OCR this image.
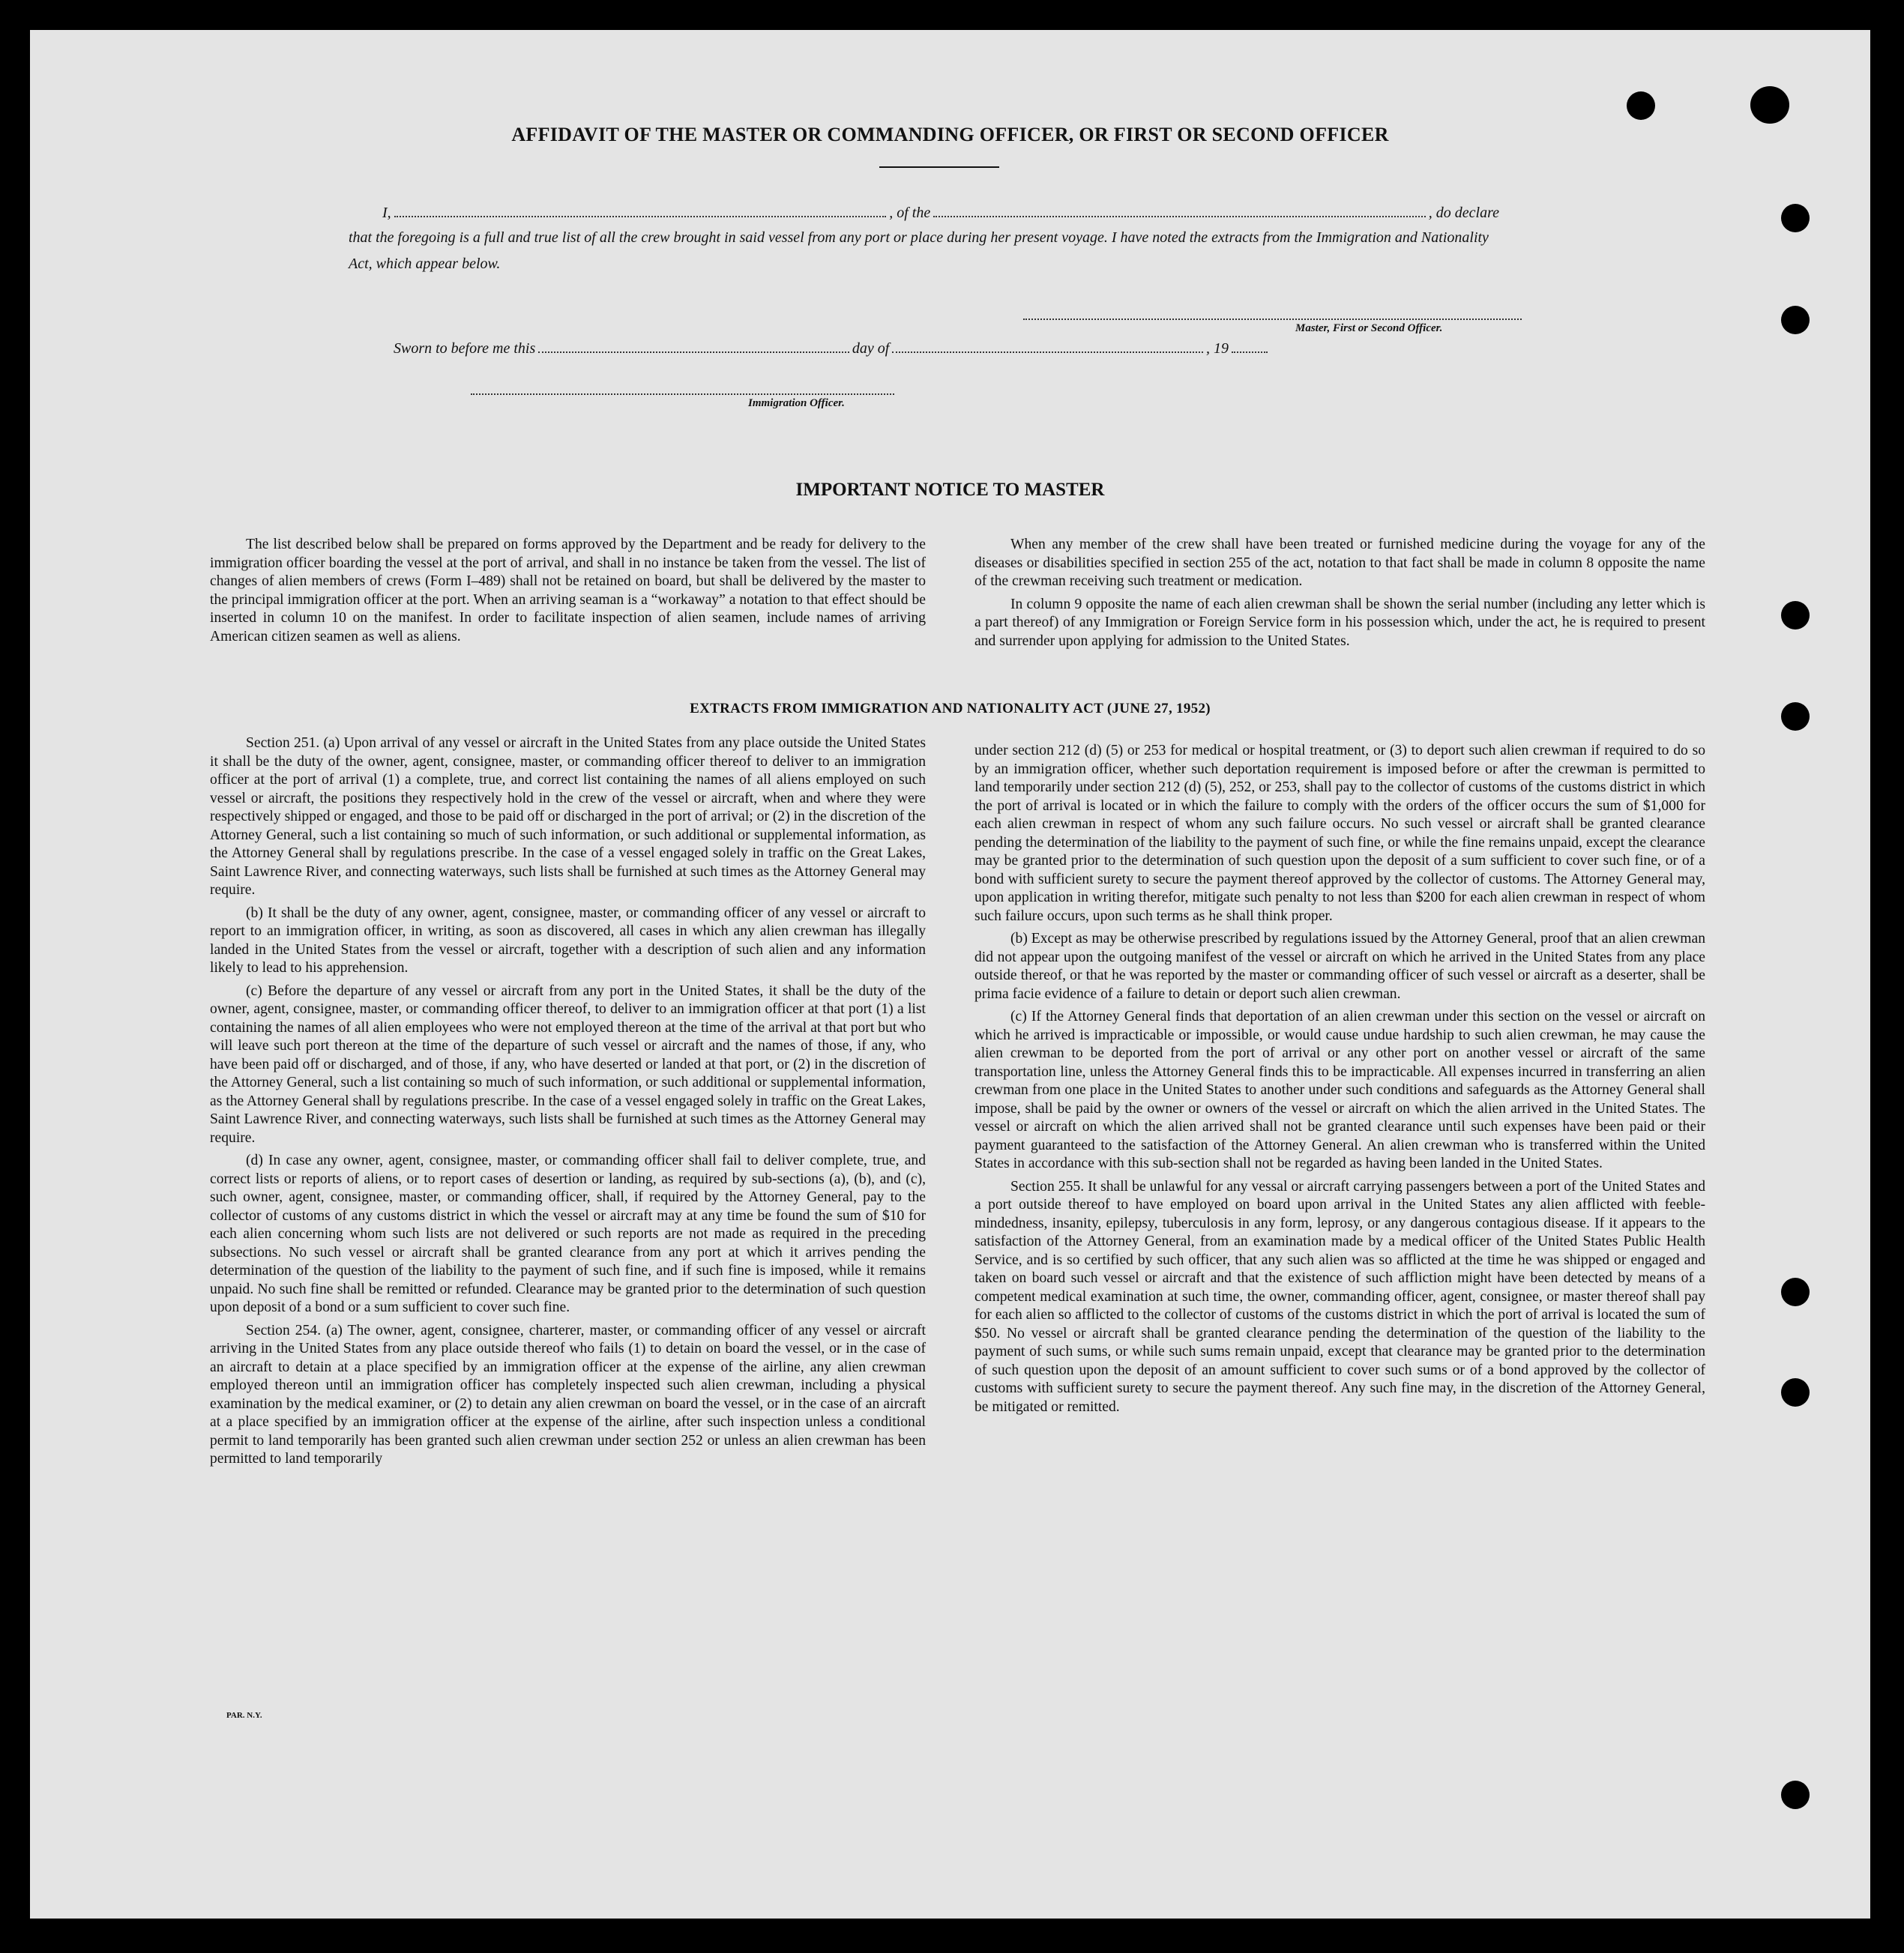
AFFIDAVIT OF THE MASTER OR COMMANDING OFFICER, OR FIRST OR SECOND OFFICER
I,	, of the	, do declare
that the foregoing is a full and true list of all the crew brought in said vessel from any port or place during her present voyage. I have noted the extracts from the Immigration and Nationality Act, which appear below.
Master, First or Second Officer.
Sworn to before me this	day of	, 19
Immigration Officer.
IMPORTANT NOTICE TO MASTER

The list described below shall be prepared on forms approved by the Department and be ready for delivery to the immigration officer boarding the vessel at the port of arrival, and shall in no instance be taken from the vessel. The list of changes of alien members of crews (Form I–489) shall not be retained on board, but shall be delivered by the master to the principal immigration officer at the port. When an arriving seaman is a “workaway” a notation to that effect should be inserted in column 10 on the manifest. In order to facilitate inspection of alien seamen, include names of arriving American citizen seamen as well as aliens.

When any member of the crew shall have been treated or furnished medicine during the voyage for any of the diseases or disabilities specified in section 255 of the act, notation to that fact shall be made in column 8 opposite the name of the crewman receiving such treatment or medication.

In column 9 opposite the name of each alien crewman shall be shown the serial number (including any letter which is a part thereof) of any Immigration or Foreign Service form in his possession which, under the act, he is required to present and surrender upon applying for admission to the United States.

EXTRACTS FROM IMMIGRATION AND NATIONALITY ACT (JUNE 27, 1952)

Section 251. (a) Upon arrival of any vessel or aircraft in the United States from any place outside the United States it shall be the duty of the owner, agent, consignee, master, or commanding officer thereof to deliver to an immigration officer at the port of arrival (1) a complete, true, and correct list containing the names of all aliens employed on such vessel or aircraft, the positions they respectively hold in the crew of the vessel or aircraft, when and where they were respectively shipped or engaged, and those to be paid off or discharged in the port of arrival; or (2) in the discretion of the Attorney General, such a list containing so much of such information, or such additional or supplemental information, as the Attorney General shall by regulations prescribe. In the case of a vessel engaged solely in traffic on the Great Lakes, Saint Lawrence River, and connecting waterways, such lists shall be furnished at such times as the Attorney General may require.

(b) It shall be the duty of any owner, agent, consignee, master, or commanding officer of any vessel or aircraft to report to an immigration officer, in writing, as soon as discovered, all cases in which any alien crewman has illegally landed in the United States from the vessel or aircraft, together with a description of such alien and any information likely to lead to his apprehension.

(c) Before the departure of any vessel or aircraft from any port in the United States, it shall be the duty of the owner, agent, consignee, master, or commanding officer thereof, to deliver to an immigration officer at that port (1) a list containing the names of all alien employees who were not employed thereon at the time of the arrival at that port but who will leave such port thereon at the time of the departure of such vessel or aircraft and the names of those, if any, who have been paid off or discharged, and of those, if any, who have deserted or landed at that port, or (2) in the discretion of the Attorney General, such a list containing so much of such information, or such additional or supplemental information, as the Attorney General shall by regulations prescribe. In the case of a vessel engaged solely in traffic on the Great Lakes, Saint Lawrence River, and connecting waterways, such lists shall be furnished at such times as the Attorney General may require.

(d) In case any owner, agent, consignee, master, or commanding officer shall fail to deliver complete, true, and correct lists or reports of aliens, or to report cases of desertion or landing, as required by sub-sections (a), (b), and (c), such owner, agent, consignee, master, or commanding officer, shall, if required by the Attorney General, pay to the collector of customs of any customs district in which the vessel or aircraft may at any time be found the sum of $10 for each alien concerning whom such lists are not delivered or such reports are not made as required in the preceding subsections. No such vessel or aircraft shall be granted clearance from any port at which it arrives pending the determination of the question of the liability to the payment of such fine, and if such fine is imposed, while it remains unpaid. No such fine shall be remitted or refunded. Clearance may be granted prior to the determination of such question upon deposit of a bond or a sum sufficient to cover such fine.

Section 254. (a) The owner, agent, consignee, charterer, master, or commanding officer of any vessel or aircraft arriving in the United States from any place outside thereof who fails (1) to detain on board the vessel, or in the case of an aircraft to detain at a place specified by an immigration officer at the expense of the airline, any alien crewman employed thereon until an immigration officer has completely inspected such alien crewman, including a physical examination by the medical examiner, or (2) to detain any alien crewman on board the vessel, or in the case of an aircraft at a place specified by an immigration officer at the expense of the airline, after such inspection unless a conditional permit to land temporarily has been granted such alien crewman under section 252 or unless an alien crewman has been permitted to land temporarily

under section 212 (d) (5) or 253 for medical or hospital treatment, or (3) to deport such alien crewman if required to do so by an immigration officer, whether such deportation requirement is imposed before or after the crewman is permitted to land temporarily under section 212 (d) (5), 252, or 253, shall pay to the collector of customs of the customs district in which the port of arrival is located or in which the failure to comply with the orders of the officer occurs the sum of $1,000 for each alien crewman in respect of whom any such failure occurs. No such vessel or aircraft shall be granted clearance pending the determination of the liability to the payment of such fine, or while the fine remains unpaid, except the clearance may be granted prior to the determination of such question upon the deposit of a sum sufficient to cover such fine, or of a bond with sufficient surety to secure the payment thereof approved by the collector of customs. The Attorney General may, upon application in writing therefor, mitigate such penalty to not less than $200 for each alien crewman in respect of whom such failure occurs, upon such terms as he shall think proper.

(b) Except as may be otherwise prescribed by regulations issued by the Attorney General, proof that an alien crewman did not appear upon the outgoing manifest of the vessel or aircraft on which he arrived in the United States from any place outside thereof, or that he was reported by the master or commanding officer of such vessel or aircraft as a deserter, shall be prima facie evidence of a failure to detain or deport such alien crewman.

(c) If the Attorney General finds that deportation of an alien crewman under this section on the vessel or aircraft on which he arrived is impracticable or impossible, or would cause undue hardship to such alien crewman, he may cause the alien crewman to be deported from the port of arrival or any other port on another vessel or aircraft of the same transportation line, unless the Attorney General finds this to be impracticable. All expenses incurred in transferring an alien crewman from one place in the United States to another under such conditions and safeguards as the Attorney General shall impose, shall be paid by the owner or owners of the vessel or aircraft on which the alien arrived in the United States. The vessel or aircraft on which the alien arrived shall not be granted clearance until such expenses have been paid or their payment guaranteed to the satisfaction of the Attorney General. An alien crewman who is transferred within the United States in accordance with this sub-section shall not be regarded as having been landed in the United States.

Section 255. It shall be unlawful for any vessal or aircraft carrying passengers between a port of the United States and a port outside thereof to have employed on board upon arrival in the United States any alien afflicted with feeble-mindedness, insanity, epilepsy, tuberculosis in any form, leprosy, or any dangerous contagious disease. If it appears to the satisfaction of the Attorney General, from an examination made by a medical officer of the United States Public Health Service, and is so certified by such officer, that any such alien was so afflicted at the time he was shipped or engaged and taken on board such vessel or aircraft and that the existence of such affliction might have been detected by means of a competent medical examination at such time, the owner, commanding officer, agent, consignee, or master thereof shall pay for each alien so afflicted to the collector of customs of the customs district in which the port of arrival is located the sum of $50. No vessel or aircraft shall be granted clearance pending the determination of the question of the liability to the payment of such sums, or while such sums remain unpaid, except that clearance may be granted prior to the determination of such question upon the deposit of an amount sufficient to cover such sums or of a bond approved by the collector of customs with sufficient surety to secure the payment thereof. Any such fine may, in the discretion of the Attorney General, be mitigated or remitted.

PAR. N.Y.
